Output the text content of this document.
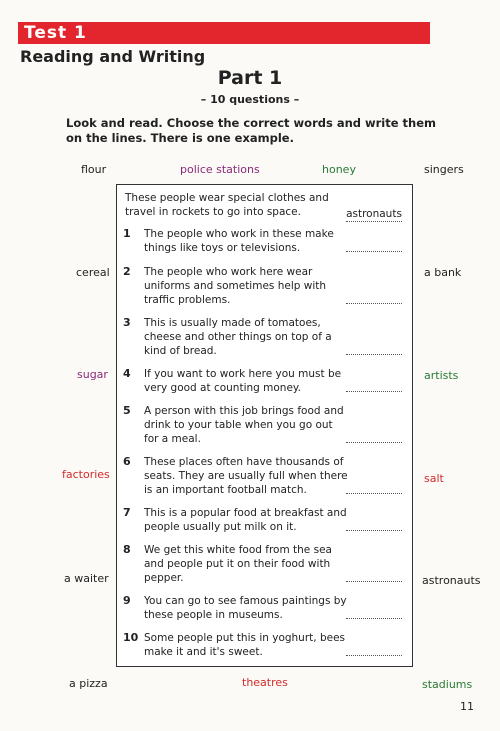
Test 1
Reading and Writing
Part 1
– 10 questions –
Look and read. Choose the correct words and write them on the lines. There is one example.
flour	police stations	honey	singers
cereal	a bank
sugar	artists
factories	salt
a waiter	astronauts
a pizza	theatres	stadiums
These people wear special clothes and travel in rockets to go into space.	astronauts
1 The people who work in these make things like toys or televisions.
2 The people who work here wear uniforms and sometimes help with traffic problems.
3 This is usually made of tomatoes, cheese and other things on top of a kind of bread.
4 If you want to work here you must be very good at counting money.
5 A person with this job brings food and drink to your table when you go out for a meal.
6 These places often have thousands of seats. They are usually full when there is an important football match.
7 This is a popular food at breakfast and people usually put milk on it.
8 We get this white food from the sea and people put it on their food with pepper.
9 You can go to see famous paintings by these people in museums.
10 Some people put this in yoghurt, bees make it and it's sweet.
11
